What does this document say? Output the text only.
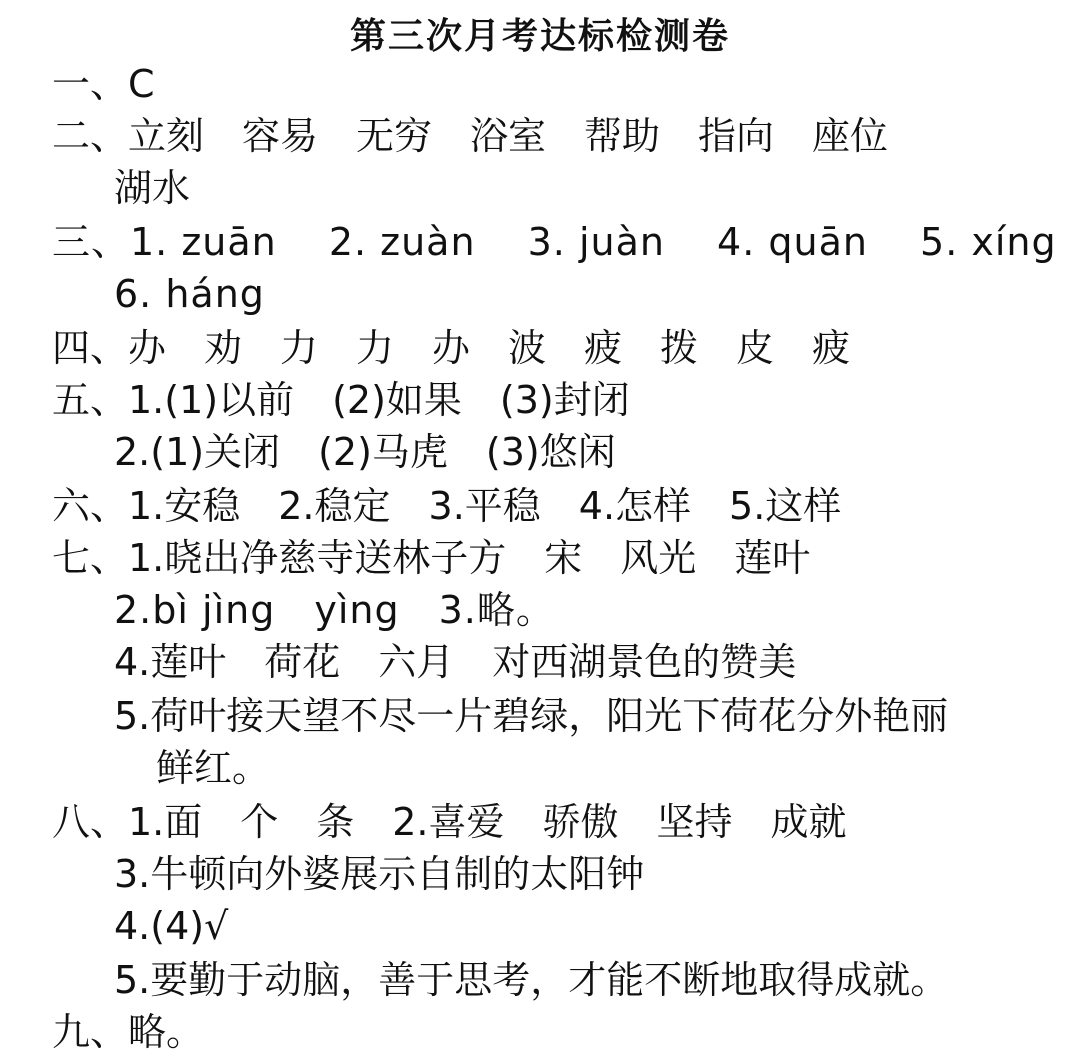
第三次月考达标检测卷
一、C
二、立刻　容易　无穷　浴室　帮助　指向　座位
湖水
三、1. zuān　 2. zuàn　 3. juàn　 4. quān　 5. xíng
6. háng
四、办　劝　力　力　办　波　疲　拨　皮　疲
五、1.(1)以前　(2)如果　(3)封闭
2.(1)关闭　(2)马虎　(3)悠闲
六、1.安稳　2.稳定　3.平稳　4.怎样　5.这样
七、1.晓出净慈寺送林子方　宋　风光　莲叶
2.bì jìng　yìng　3.略。
4.莲叶　荷花　六月　对西湖景色的赞美
5.荷叶接天望不尽一片碧绿，阳光下荷花分外艳丽
鲜红。
八、1.面　个　条　2.喜爱　骄傲　坚持　成就
3.牛顿向外婆展示自制的太阳钟
4.(4)√
5.要勤于动脑，善于思考，才能不断地取得成就。
九、略。
